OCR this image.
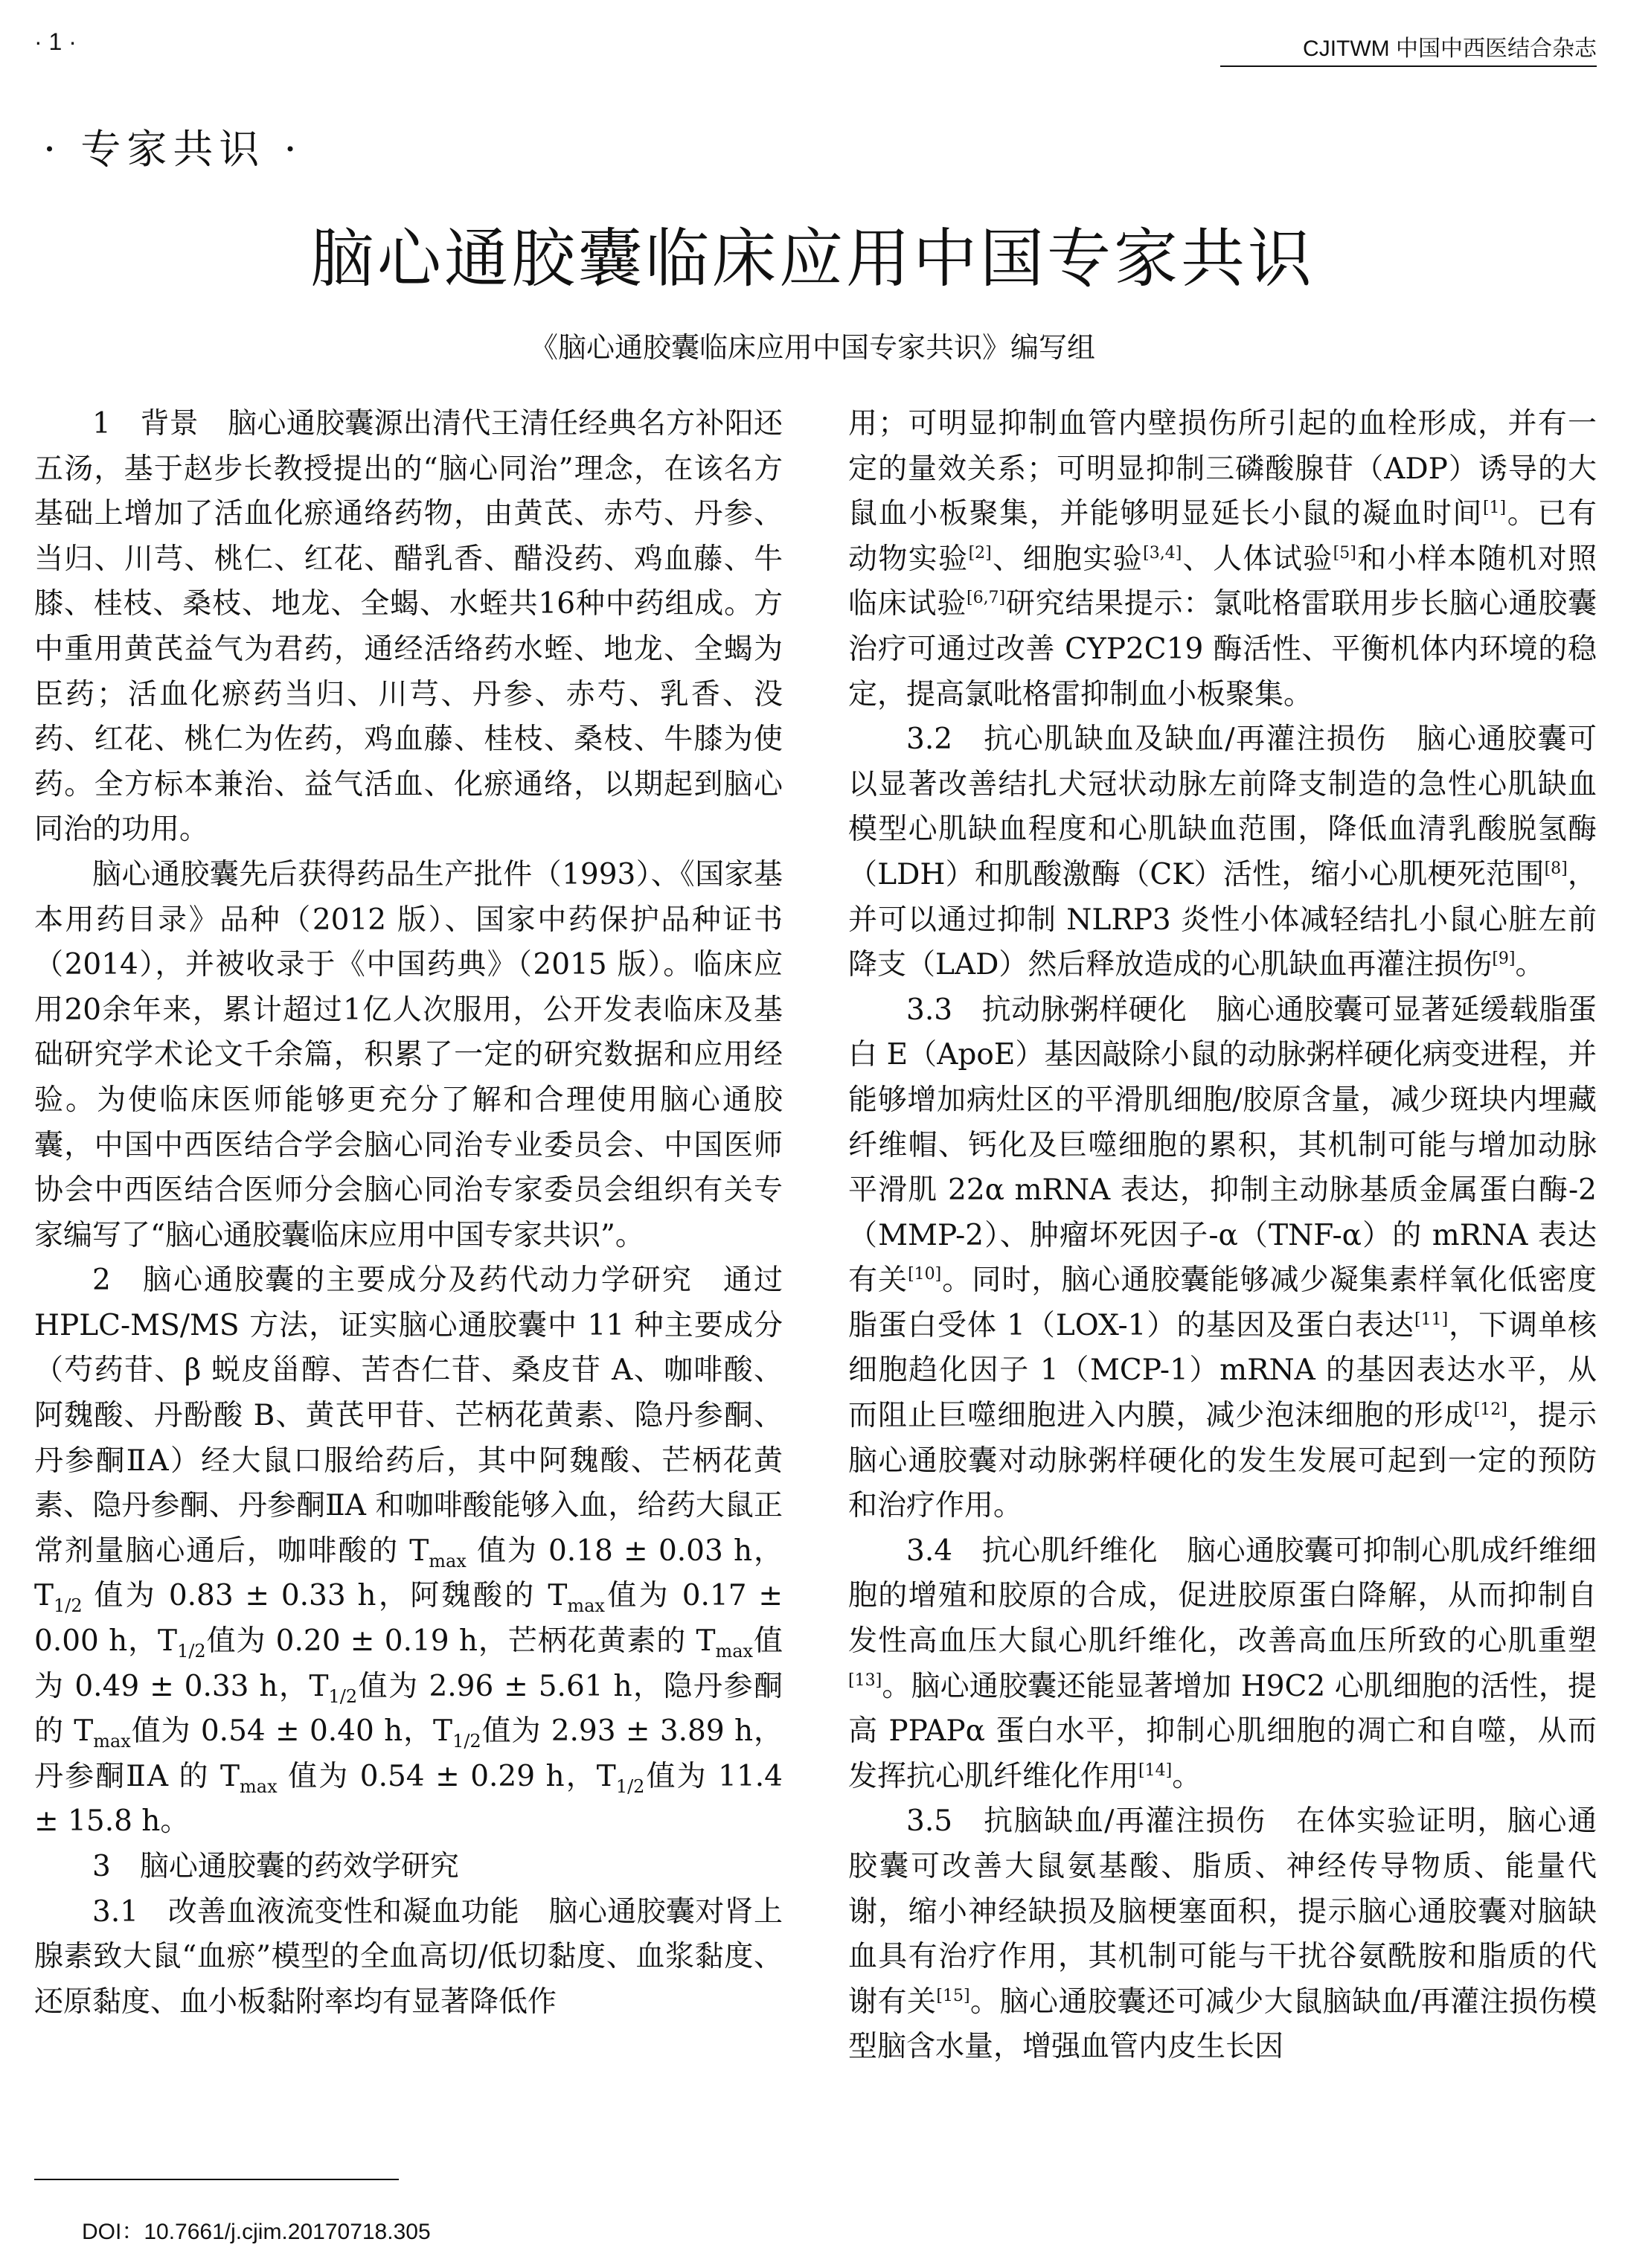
· 1 ·	CJITWM 中国中西医结合杂志
· 专家共识 ·
脑心通胶囊临床应用中国专家共识
《脑心通胶囊临床应用中国专家共识》编写组

1　背景　脑心通胶囊源出清代王清任经典名方补阳还五汤，基于赵步长教授提出的“脑心同治”理念，在该名方基础上增加了活血化瘀通络药物，由黄芪、赤芍、丹参、当归、川芎、桃仁、红花、醋乳香、醋没药、鸡血藤、牛膝、桂枝、桑枝、地龙、全蝎、水蛭共16种中药组成。方中重用黄芪益气为君药，通经活络药水蛭、地龙、全蝎为臣药；活血化瘀药当归、川芎、丹参、赤芍、乳香、没药、红花、桃仁为佐药，鸡血藤、桂枝、桑枝、牛膝为使药。全方标本兼治、益气活血、化瘀通络，以期起到脑心同治的功用。

脑心通胶囊先后获得药品生产批件（1993）、《国家基本用药目录》品种（2012 版）、国家中药保护品种证书（2014），并被收录于《中国药典》（2015 版）。临床应用20余年来，累计超过1亿人次服用，公开发表临床及基础研究学术论文千余篇，积累了一定的研究数据和应用经验。为使临床医师能够更充分了解和合理使用脑心通胶囊，中国中西医结合学会脑心同治专业委员会、中国医师协会中西医结合医师分会脑心同治专家委员会组织有关专家编写了“脑心通胶囊临床应用中国专家共识”。

2　脑心通胶囊的主要成分及药代动力学研究　通过 HPLC-MS/MS 方法，证实脑心通胶囊中 11 种主要成分（芍药苷、β 蜕皮甾醇、苦杏仁苷、桑皮苷 A、咖啡酸、阿魏酸、丹酚酸 B、黄芪甲苷、芒柄花黄素、隐丹参酮、丹参酮ⅡA）经大鼠口服给药后，其中阿魏酸、芒柄花黄素、隐丹参酮、丹参酮ⅡA 和咖啡酸能够入血，给药大鼠正常剂量脑心通后，咖啡酸的 $T_{max}$ 值为 0.18 ± 0.03 h，$T_{1/2}$ 值为 0.83 ± 0.33 h，阿魏酸的 $T_{max}$值为 0.17 ± 0.00 h，$T_{1/2}$值为 0.20 ± 0.19 h，芒柄花黄素的 $T_{max}$值为 0.49 ± 0.33 h，$T_{1/2}$值为 2.96 ± 5.61 h，隐丹参酮的 $T_{max}$值为 0.54 ± 0.40 h，$T_{1/2}$值为 2.93 ± 3.89 h，丹参酮ⅡA 的 $T_{max}$ 值为 0.54 ± 0.29 h，$T_{1/2}$值为 11.4 ± 15.8 h。

3　脑心通胶囊的药效学研究

3.1　改善血液流变性和凝血功能　脑心通胶囊对肾上腺素致大鼠“血瘀”模型的全血高切/低切黏度、血浆黏度、还原黏度、血小板黏附率均有显著降低作

用；可明显抑制血管内壁损伤所引起的血栓形成，并有一定的量效关系；可明显抑制三磷酸腺苷（ADP）诱导的大鼠血小板聚集，并能够明显延长小鼠的凝血时间[1]。已有动物实验[2]、细胞实验[3,4]、人体试验[5]和小样本随机对照临床试验[6,7]研究结果提示：氯吡格雷联用步长脑心通胶囊治疗可通过改善 CYP2C19 酶活性、平衡机体内环境的稳定，提高氯吡格雷抑制血小板聚集。

3.2　抗心肌缺血及缺血/再灌注损伤　脑心通胶囊可以显著改善结扎犬冠状动脉左前降支制造的急性心肌缺血模型心肌缺血程度和心肌缺血范围，降低血清乳酸脱氢酶（LDH）和肌酸激酶（CK）活性，缩小心肌梗死范围[8]，并可以通过抑制 NLRP3 炎性小体减轻结扎小鼠心脏左前降支（LAD）然后释放造成的心肌缺血再灌注损伤[9]。

3.3　抗动脉粥样硬化　脑心通胶囊可显著延缓载脂蛋白 E（ApoE）基因敲除小鼠的动脉粥样硬化病变进程，并能够增加病灶区的平滑肌细胞/胶原含量，减少斑块内埋藏纤维帽、钙化及巨噬细胞的累积，其机制可能与增加动脉平滑肌 22α mRNA 表达，抑制主动脉基质金属蛋白酶-2（MMP-2）、肿瘤坏死因子-α（TNF-α）的 mRNA 表达有关[10]。同时，脑心通胶囊能够减少凝集素样氧化低密度脂蛋白受体 1（LOX-1）的基因及蛋白表达[11]，下调单核细胞趋化因子 1（MCP-1）mRNA 的基因表达水平，从而阻止巨噬细胞进入内膜，减少泡沫细胞的形成[12]，提示脑心通胶囊对动脉粥样硬化的发生发展可起到一定的预防和治疗作用。

3.4　抗心肌纤维化　脑心通胶囊可抑制心肌成纤维细胞的增殖和胶原的合成，促进胶原蛋白降解，从而抑制自发性高血压大鼠心肌纤维化，改善高血压所致的心肌重塑[13]。脑心通胶囊还能显著增加 H9C2 心肌细胞的活性，提高 PPAPα 蛋白水平，抑制心肌细胞的凋亡和自噬，从而发挥抗心肌纤维化作用[14]。

3.5　抗脑缺血/再灌注损伤　在体实验证明，脑心通胶囊可改善大鼠氨基酸、脂质、神经传导物质、能量代谢，缩小神经缺损及脑梗塞面积，提示脑心通胶囊对脑缺血具有治疗作用，其机制可能与干扰谷氨酰胺和脂质的代谢有关[15]。脑心通胶囊还可减少大鼠脑缺血/再灌注损伤模型脑含水量，增强血管内皮生长因

DOI：10.7661/j.cjim.20170718.305
